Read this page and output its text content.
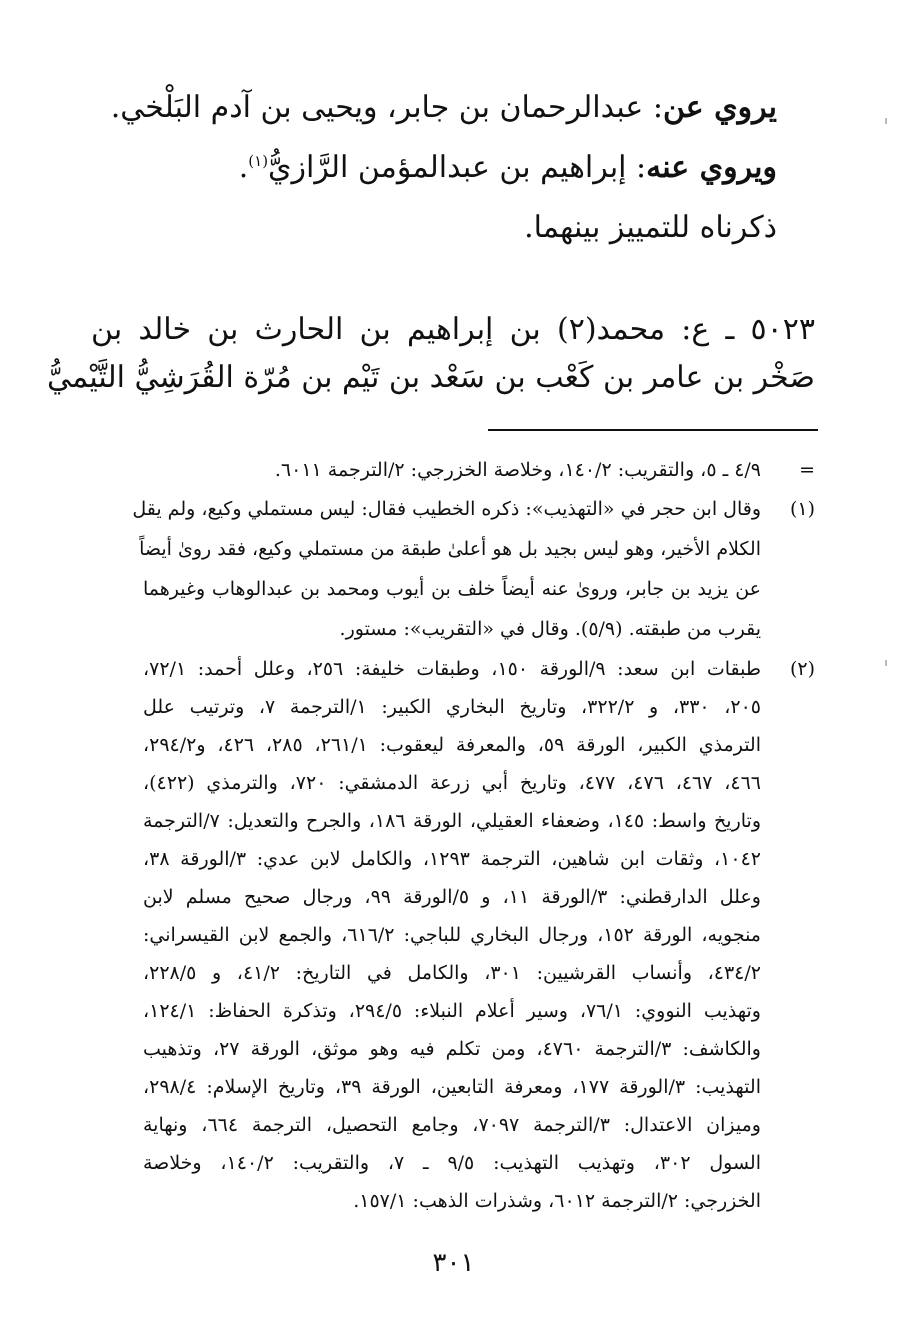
يروي عن: عبدالرحمان بن جابر، ويحيى بن آدم البَلْخي.
ويروي عنه: إبراهيم بن عبدالمؤمن الرَّازيُّ$^{(١)}$.
ذكرناه للتمييز بينهما.
٥٠٢٣ ـ ع: محمد(٢) بن إبراهيم بن الحارث بن خالد بن
صَخْر بن عامر بن كَعْب بن سَعْد بن تَيْم بن مُرّة القُرَشِيُّ التَّيْميُّ
=
٤/٩ ـ ٥، والتقريب: ١٤٠/٢، وخلاصة الخزرجي: ٢/الترجمة ٦٠١١.
(١)
وقال ابن حجر في «التهذيب»: ذكره الخطيب فقال: ليس مستملي وكيع، ولم يقل
الكلام الأخير، وهو ليس بجيد بل هو أعلىٰ طبقة من مستملي وكيع، فقد روىٰ أيضاً
عن يزيد بن جابر، وروىٰ عنه أيضاً خلف بن أيوب ومحمد بن عبدالوهاب وغيرهما
يقرب من طبقته. (٥/٩). وقال في «التقريب»: مستور.
(٢)
طبقات ابن سعد: ٩/الورقة ١٥٠، وطبقات خليفة: ٢٥٦، وعلل أحمد: ٧٢/١،
٢٠٥، ٣٣٠، و ٣٢٢/٢، وتاريخ البخاري الكبير: ١/الترجمة ٧، وترتيب علل
الترمذي الكبير، الورقة ٥٩، والمعرفة ليعقوب: ٢٦١/١، ٢٨٥، ٤٢٦، و٢٩٤/٢،
٤٦٦، ٤٦٧، ٤٧٦، ٤٧٧، وتاريخ أبي زرعة الدمشقي: ٧٢٠، والترمذي (٤٢٢)،
وتاريخ واسط: ١٤٥، وضعفاء العقيلي، الورقة ١٨٦، والجرح والتعديل: ٧/الترجمة
١٠٤٢، وثقات ابن شاهين، الترجمة ١٢٩٣، والكامل لابن عدي: ٣/الورقة ٣٨،
وعلل الدارقطني: ٣/الورقة ١١، و ٥/الورقة ٩٩، ورجال صحيح مسلم لابن
منجويه، الورقة ١٥٢، ورجال البخاري للباجي: ٦١٦/٢، والجمع لابن القيسراني:
٤٣٤/٢، وأنساب القرشيين: ٣٠١، والكامل في التاريخ: ٤١/٢، و ٢٢٨/٥،
وتهذيب النووي: ٧٦/١، وسير أعلام النبلاء: ٢٩٤/٥، وتذكرة الحفاظ: ١٢٤/١،
والكاشف: ٣/الترجمة ٤٧٦٠، ومن تكلم فيه وهو موثق، الورقة ٢٧، وتذهيب
التهذيب: ٣/الورقة ١٧٧، ومعرفة التابعين، الورقة ٣٩، وتاريخ الإسلام: ٢٩٨/٤،
وميزان الاعتدال: ٣/الترجمة ٧٠٩٧، وجامع التحصيل، الترجمة ٦٦٤، ونهاية
السول ٣٠٢، وتهذيب التهذيب: ٩/٥ ـ ٧، والتقريب: ١٤٠/٢، وخلاصة
الخزرجي: ٢/الترجمة ٦٠١٢، وشذرات الذهب: ١٥٧/١.
٣٠١
